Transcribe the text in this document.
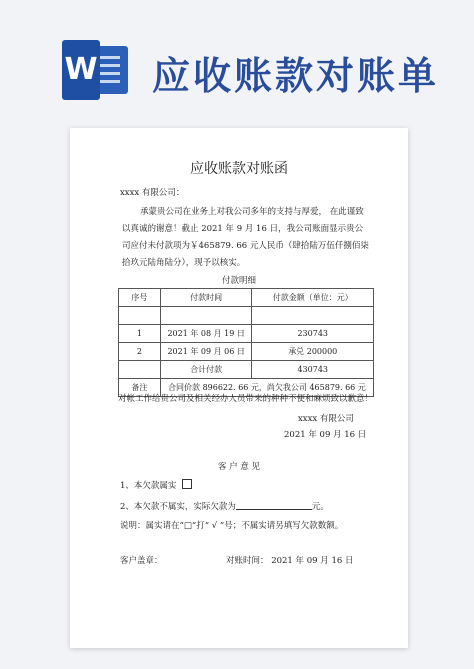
W 应收账款对账单
应收账款对账函
xxxx 有限公司：
承蒙贵公司在业务上对我公司多年的支持与厚爱， 在此谨致以真诚的谢意！截止 2021 年 9 月 16 日，我公司账面显示贵公司应付未付款项为￥465879. 66 元人民币（肆拾陆万伍仟捌佰柒拾玖元陆角陆分），现予以核实。
付款明细
序号	付款时间	付款金额（单位：元）

1	2021 年 08 月 19 日	230743
2	2021 年 09 月 06 日	承兑 200000
	合计付款	430743
备注	合同价款 896622. 66 元，尚欠我公司 465879. 66 元	
对帐工作给贵公司及相关经办人员带来的种种不便和麻烦致以歉意！
xxxx 有限公司
2021 年 09 月 16 日
客 户 意 见
1、本欠款属实
2、本欠款不属实，实际欠款为	元。
说明：属实请在“□”打“ √ ”号；不属实请另填写欠款数额。
客户盖章：	对账时间： 2021 年 09 月 16 日
